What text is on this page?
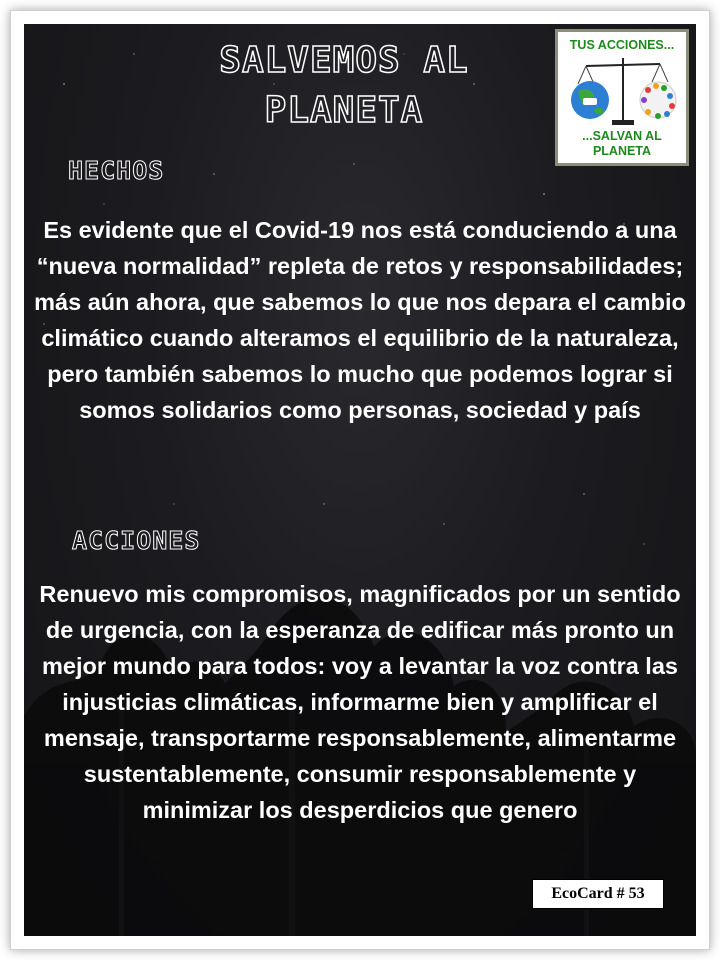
SALVEMOS AL PLANETA
TUS ACCIONES...
...SALVAN AL PLANETA
HECHOS
Es evidente que el Covid-19 nos está conduciendo a una “nueva normalidad” repleta de retos y responsabilidades; más aún ahora, que sabemos lo que nos depara el cambio climático cuando alteramos el equilibrio de la naturaleza, pero también sabemos lo mucho que podemos lograr si somos solidarios como personas, sociedad y país
ACCIONES
Renuevo mis compromisos, magnificados por un sentido de urgencia, con la esperanza de edificar más pronto un mejor mundo para todos: voy a levantar la voz contra las injusticias climáticas, informarme bien y amplificar el mensaje, transportarme responsablemente, alimentarme sustentablemente, consumir responsablemente y minimizar los desperdicios que genero
EcoCard # 53
